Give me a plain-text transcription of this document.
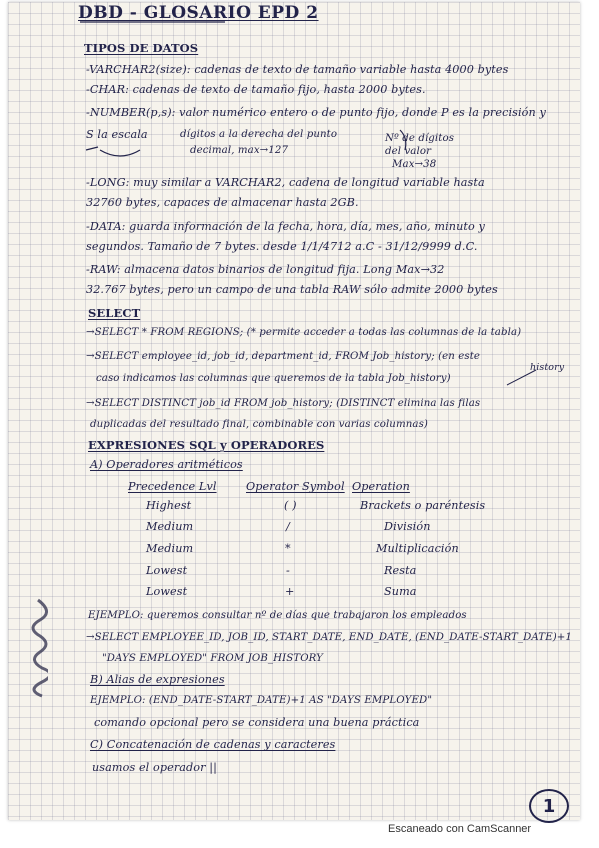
DBD - GLOSARIO EPD 2
TIPOS DE DATOS
-VARCHAR2(size): cadenas de texto de tamaño variable hasta 4000 bytes
-CHAR: cadenas de texto de tamaño fijo, hasta 2000 bytes.
-NUMBER(p,s): valor numérico entero o de punto fijo, donde P es la precisión y
S la escala	dígitos a la derecha del punto
decimal, max→127
Nº de dígitos
del valor
Max→38
-LONG: muy similar a VARCHAR2, cadena de longitud variable hasta
32760 bytes, capaces de almacenar hasta 2GB.
-DATA: guarda información de la fecha, hora, día, mes, año, minuto y
segundos. Tamaño de 7 bytes. desde 1/1/4712 a.C - 31/12/9999 d.C.
-RAW: almacena datos binarios de longitud fija. Long Max→32
32.767 bytes, pero un campo de una tabla RAW sólo admite 2000 bytes
SELECT
→SELECT * FROM REGIONS; (* permite acceder a todas las columnas de la tabla)
→SELECT employee_id, job_id, department_id, FROM Job_history; (en este
history
caso indicamos las columnas que queremos de la tabla Job_history)
→SELECT DISTINCT job_id FROM job_history; (DISTINCT elimina las filas
duplicadas del resultado final, combinable con varias columnas)
EXPRESIONES SQL y OPERADORES
A) Operadores aritméticos
Precedence Lvl	Operator Symbol Operation
Highest	( )	Brackets o paréntesis
Medium	/	División
Medium	*	Multiplicación
Lowest	-	Resta
Lowest	+	Suma
EJEMPLO: queremos consultar nº de días que trabajaron los empleados
→SELECT EMPLOYEE_ID, JOB_ID, START_DATE, END_DATE, (END_DATE-START_DATE)+1
"DAYS EMPLOYED" FROM JOB_HISTORY
B) Alias de expresiones
EJEMPLO: (END_DATE-START_DATE)+1 AS "DAYS EMPLOYED"
comando opcional pero se considera una buena práctica
C) Concatenación de cadenas y caracteres
usamos el operador ||
1
Escaneado con CamScanner
